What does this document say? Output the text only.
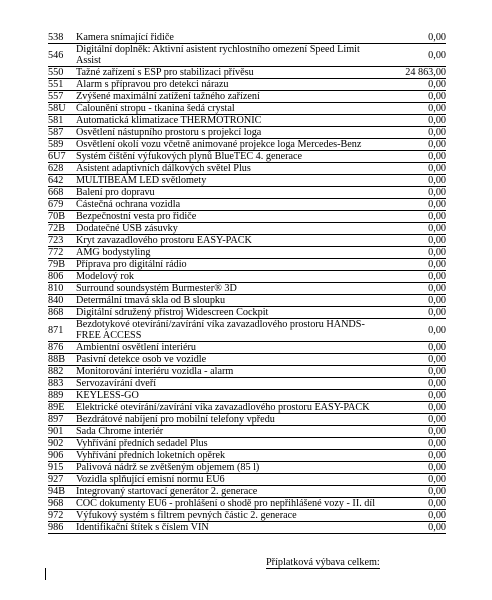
538	Kamera snímající řidiče	0,00
546	Digitální doplněk: Aktivní asistent rychlostního omezení Speed Limit Assist	0,00
550	Tažné zařízení s ESP pro stabilizaci přívěsu	24 863,00
551	Alarm s přípravou pro detekci nárazu	0,00
557	Zvýšené maximální zatížení tažného zařízení	0,00
58U	Čalounění stropu - tkanina šedá crystal	0,00
581	Automatická klimatizace THERMOTRONIC	0,00
587	Osvětlení nástupního prostoru s projekcí loga	0,00
589	Osvětlení okolí vozu včetně animované projekce loga Mercedes-Benz	0,00
6U7	Systém čištění výfukových plynů BlueTEC 4. generace	0,00
628	Asistent adaptivních dálkových světel Plus	0,00
642	MULTIBEAM LED světlomety	0,00
668	Balení pro dopravu	0,00
679	Částečná ochrana vozidla	0,00
70B	Bezpečnostní vesta pro řidiče	0,00
72B	Dodatečné USB zásuvky	0,00
723	Kryt zavazadlového prostoru EASY-PACK	0,00
772	AMG bodystyling	0,00
79B	Příprava pro digitální rádio	0,00
806	Modelový rok	0,00
810	Surround soundsystém Burmester® 3D	0,00
840	Determální tmavá skla od B sloupku	0,00
868	Digitální sdružený přístroj Widescreen Cockpit	0,00
871	Bezdotykové otevírání/zavírání víka zavazadlového prostoru HANDS-FREE ACCESS	0,00
876	Ambientní osvětlení interiéru	0,00
88B	Pasivní detekce osob ve vozidle	0,00
882	Monitorování interiéru vozidla - alarm	0,00
883	Servozavírání dveří	0,00
889	KEYLESS-GO	0,00
89E	Elektrické otevírání/zavírání víka zavazadlového prostoru EASY-PACK	0,00
897	Bezdrátové nabíjení pro mobilní telefony vpředu	0,00
901	Sada Chrome interiér	0,00
902	Vyhřívání předních sedadel Plus	0,00
906	Vyhřívání předních loketních opěrek	0,00
915	Palivová nádrž se zvětšeným objemem (85 l)	0,00
927	Vozidla splňující emisní normu EU6	0,00
94B	Integrovaný startovací generátor 2. generace	0,00
968	COC dokumenty EU6 - prohlášení o shodě pro nepřihlášené vozy - II. díl	0,00
972	Výfukový systém s filtrem pevných částic 2. generace	0,00
986	Identifikační štítek s číslem VIN	0,00
Příplatková výbava celkem:
